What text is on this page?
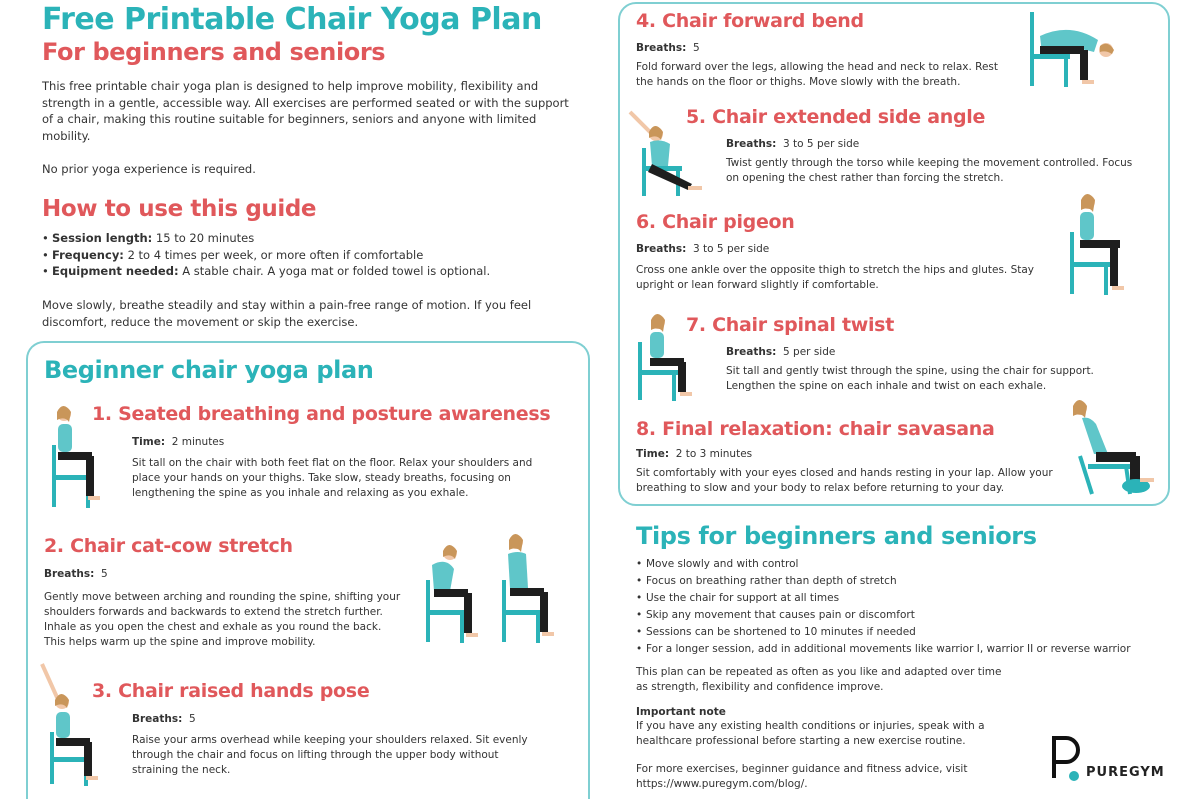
Free Printable Chair Yoga Plan
For beginners and seniors
This free printable chair yoga plan is designed to help improve mobility, flexibility and strength in a gentle, accessible way. All exercises are performed seated or with the support of a chair, making this routine suitable for beginners, seniors and anyone with limited mobility.
No prior yoga experience is required.
How to use this guide
• Session length: 15 to 20 minutes
• Frequency: 2 to 4 times per week, or more often if comfortable
• Equipment needed: A stable chair. A yoga mat or folded towel is optional.
Move slowly, breathe steadily and stay within a pain-free range of motion. If you feel discomfort, reduce the movement or skip the exercise.
Beginner chair yoga plan
1. Seated breathing and posture awareness
Time: 2 minutes
Sit tall on the chair with both feet flat on the floor. Relax your shoulders and place your hands on your thighs. Take slow, steady breaths, focusing on lengthening the spine as you inhale and relaxing as you exhale.
2. Chair cat-cow stretch
Breaths: 5
Gently move between arching and rounding the spine, shifting your shoulders forwards and backwards to extend the stretch further. Inhale as you open the chest and exhale as you round the back. This helps warm up the spine and improve mobility.
3. Chair raised hands pose
Breaths: 5
Raise your arms overhead while keeping your shoulders relaxed. Sit evenly through the chair and focus on lifting through the upper body without straining the neck.
4. Chair forward bend
Breaths: 5
Fold forward over the legs, allowing the head and neck to relax. Rest the hands on the floor or thighs. Move slowly with the breath.
5. Chair extended side angle
Breaths: 3 to 5 per side
Twist gently through the torso while keeping the movement controlled. Focus on opening the chest rather than forcing the stretch.
6. Chair pigeon
Breaths: 3 to 5 per side
Cross one ankle over the opposite thigh to stretch the hips and glutes. Stay upright or lean forward slightly if comfortable.
7. Chair spinal twist
Breaths: 5 per side
Sit tall and gently twist through the spine, using the chair for support. Lengthen the spine on each inhale and twist on each exhale.
8. Final relaxation: chair savasana
Time: 2 to 3 minutes
Sit comfortably with your eyes closed and hands resting in your lap. Allow your breathing to slow and your body to relax before returning to your day.
Tips for beginners and seniors
• Move slowly and with control
• Focus on breathing rather than depth of stretch
• Use the chair for support at all times
• Skip any movement that causes pain or discomfort
• Sessions can be shortened to 10 minutes if needed
• For a longer session, add in additional movements like warrior I, warrior II or reverse warrior
This plan can be repeated as often as you like and adapted over time as strength, flexibility and confidence improve.
Important note
If you have any existing health conditions or injuries, speak with a healthcare professional before starting a new exercise routine.
For more exercises, beginner guidance and fitness advice, visit https://www.puregym.com/blog/.
PUREGYM
